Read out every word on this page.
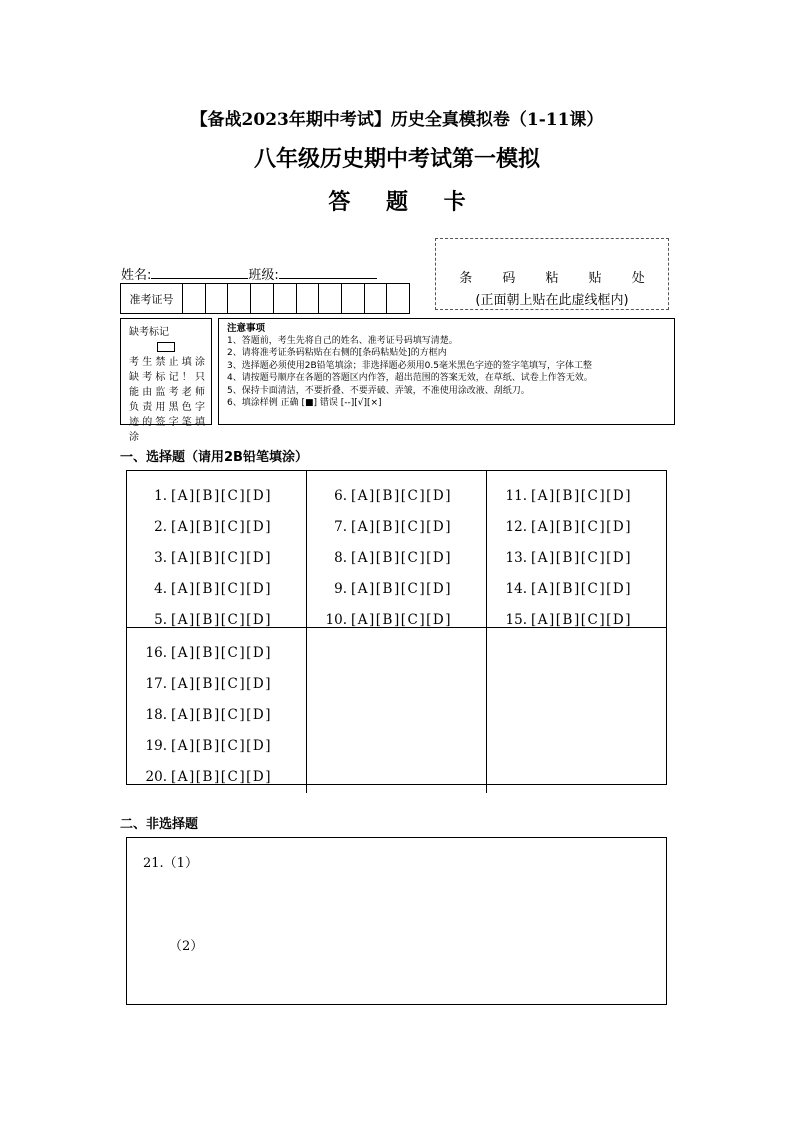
【备战2023年期中考试】历史全真模拟卷（1-11课）
八年级历史期中考试第一模拟
答 题 卡
条 码 粘 贴 处
(正面朝上贴在此虚线框内)
姓名:	班级:
准考证号
缺考标记
考生禁止填涂
缺考标记！只
能由监考老师
负责用黑色字
迹的签字笔填
涂
注意事项
1、答题前，考生先将自己的姓名、准考证号码填写清楚。
2、请将准考证条码粘贴在右侧的[条码粘贴处]的方框内
3、选择题必须使用2B铅笔填涂；非选择题必须用0.5毫米黑色字迹的签字笔填写，字体工整
4、请按题号顺序在各题的答题区内作答，超出范围的答案无效，在草纸、试卷上作答无效。
5、保持卡面清洁，不要折叠、不要弄破、弄皱，不准使用涂改液、刮纸刀。
6、填涂样例 正确 [■] 错误 [--][√][×]
一、选择题（请用2B铅笔填涂）
1. [A][B][C][D]
2. [A][B][C][D]
3. [A][B][C][D]
4. [A][B][C][D]
5. [A][B][C][D]
6. [A][B][C][D]
7. [A][B][C][D]
8. [A][B][C][D]
9. [A][B][C][D]
10. [A][B][C][D]
11. [A][B][C][D]
12. [A][B][C][D]
13. [A][B][C][D]
14. [A][B][C][D]
15. [A][B][C][D]
16. [A][B][C][D]
17. [A][B][C][D]
18. [A][B][C][D]
19. [A][B][C][D]
20. [A][B][C][D]
二、非选择题
21.（1）
（2）
